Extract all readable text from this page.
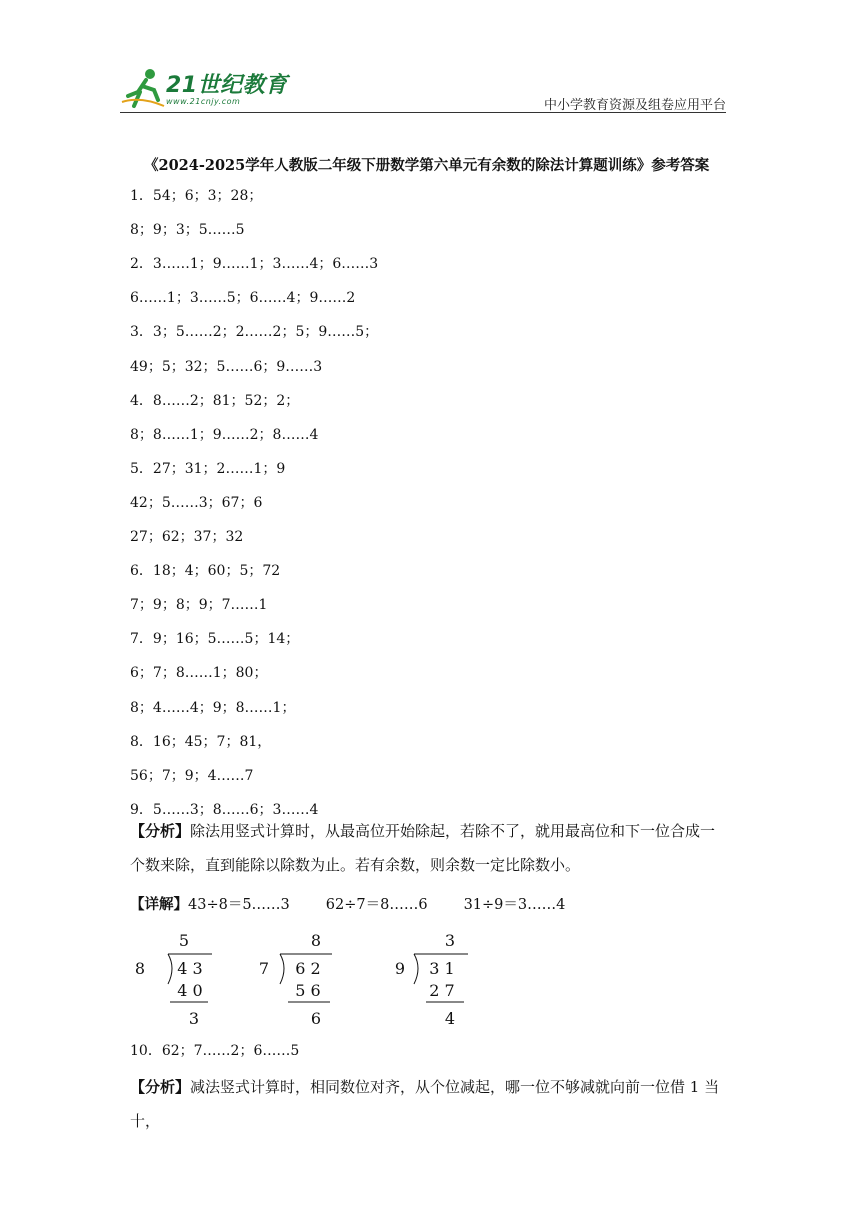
21世纪教育
www.21cnjy.com	中小学教育资源及组卷应用平台
《2024-2025学年人教版二年级下册数学第六单元有余数的除法计算题训练》参考答案
1．54；6；3；28；
8；9；3；5……5
2．3……1；9……1；3……4；6……3
6……1；3……5；6……4；9……2
3．3；5……2；2……2；5；9……5；
49；5；32；5……6；9……3
4．8……2；81；52；2；
8；8……1；9……2；8……4
5．27；31；2……1；9
42；5……3；67；6
27；62；37；32
6．18；4；60；5；72
7；9；8；9；7……1
7．9；16；5……5；14；
6；7；8……1；80；
8；4……4；9；8……1；
8．16；45；7；81，
56；7；9；4……7
9．5……3；8……6；3……4
【分析】除法用竖式计算时，从最高位开始除起，若除不了，就用最高位和下一位合成一个数来除，直到能除以除数为止。若有余数，则余数一定比除数小。
【详解】43÷8＝5……3 62÷7＝8……6 31÷9＝3……4
5
8 4 3
4 0
3
8
7 6 2
5 6
6
3
9 3 1
2 7
4
10．62；7……2；6……5
【分析】减法竖式计算时，相同数位对齐，从个位减起，哪一位不够减就向前一位借 1 当十，
